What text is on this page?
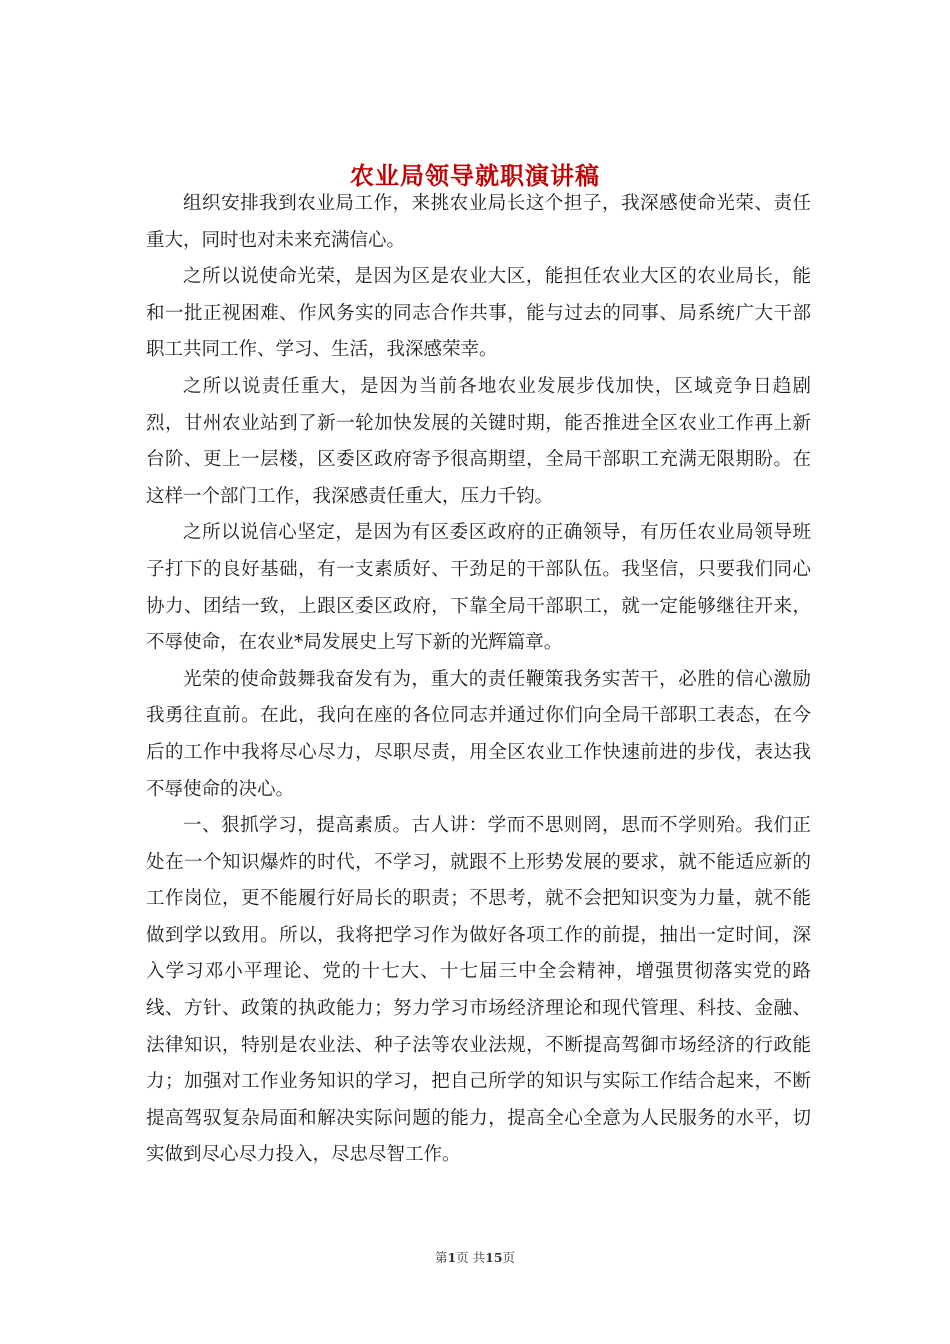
农业局领导就职演讲稿

组织安排我到农业局工作，来挑农业局长这个担子，我深感使命光荣、责任重大，同时也对未来充满信心。

之所以说使命光荣，是因为区是农业大区，能担任农业大区的农业局长，能和一批正视困难、作风务实的同志合作共事，能与过去的同事、局系统广大干部职工共同工作、学习、生活，我深感荣幸。

之所以说责任重大，是因为当前各地农业发展步伐加快，区域竞争日趋剧烈，甘州农业站到了新一轮加快发展的关键时期，能否推进全区农业工作再上新台阶、更上一层楼，区委区政府寄予很高期望，全局干部职工充满无限期盼。在这样一个部门工作，我深感责任重大，压力千钧。

之所以说信心坚定，是因为有区委区政府的正确领导，有历任农业局领导班子打下的良好基础，有一支素质好、干劲足的干部队伍。我坚信，只要我们同心协力、团结一致，上跟区委区政府，下靠全局干部职工，就一定能够继往开来，不辱使命，在农业*局发展史上写下新的光辉篇章。

光荣的使命鼓舞我奋发有为，重大的责任鞭策我务实苦干，必胜的信心激励我勇往直前。在此，我向在座的各位同志并通过你们向全局干部职工表态，在今后的工作中我将尽心尽力，尽职尽责，用全区农业工作快速前进的步伐，表达我不辱使命的决心。

一、狠抓学习，提高素质。古人讲：学而不思则罔，思而不学则殆。我们正处在一个知识爆炸的时代，不学习，就跟不上形势发展的要求，就不能适应新的工作岗位，更不能履行好局长的职责；不思考，就不会把知识变为力量，就不能做到学以致用。所以，我将把学习作为做好各项工作的前提，抽出一定时间，深入学习邓小平理论、党的十七大、十七届三中全会精神，增强贯彻落实党的路线、方针、政策的执政能力；努力学习市场经济理论和现代管理、科技、金融、法律知识，特别是农业法、种子法等农业法规，不断提高驾御市场经济的行政能力；加强对工作业务知识的学习，把自己所学的知识与实际工作结合起来，不断提高驾驭复杂局面和解决实际问题的能力，提高全心全意为人民服务的水平，切实做到尽心尽力投入，尽忠尽智工作。

第1页 共15页
